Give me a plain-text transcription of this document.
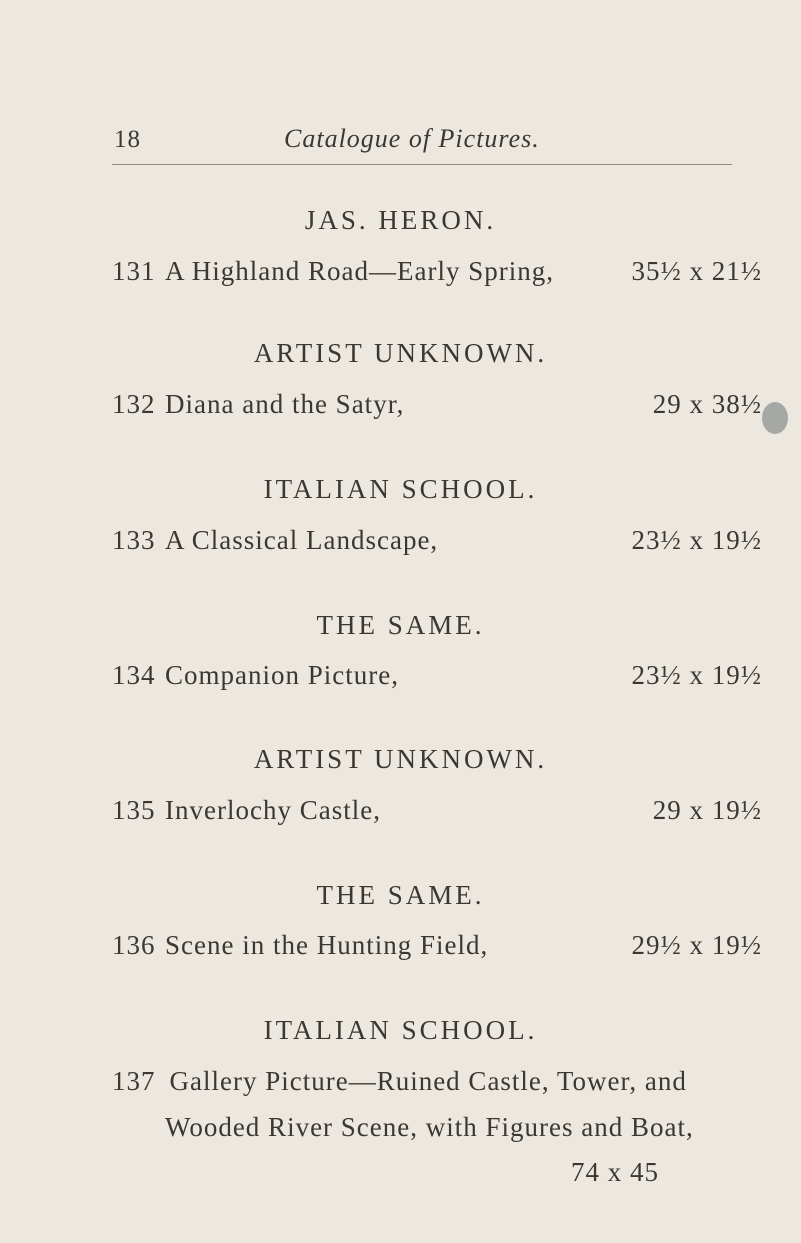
18	Catalogue of Pictures.
JAS. HERON.
131 A Highland Road—Early Spring,	35½ x 21½
ARTIST UNKNOWN.
132 Diana and the Satyr,	29 x 38½
ITALIAN SCHOOL.
133 A Classical Landscape,	23½ x 19½
THE SAME.
134 Companion Picture,	23½ x 19½
ARTIST UNKNOWN.
135 Inverlochy Castle,	29 x 19½
THE SAME.
136 Scene in the Hunting Field,	29½ x 19½
ITALIAN SCHOOL.
137 Gallery Picture—Ruined Castle, Tower, and
Wooded River Scene, with Figures and Boat,
74 x 45
